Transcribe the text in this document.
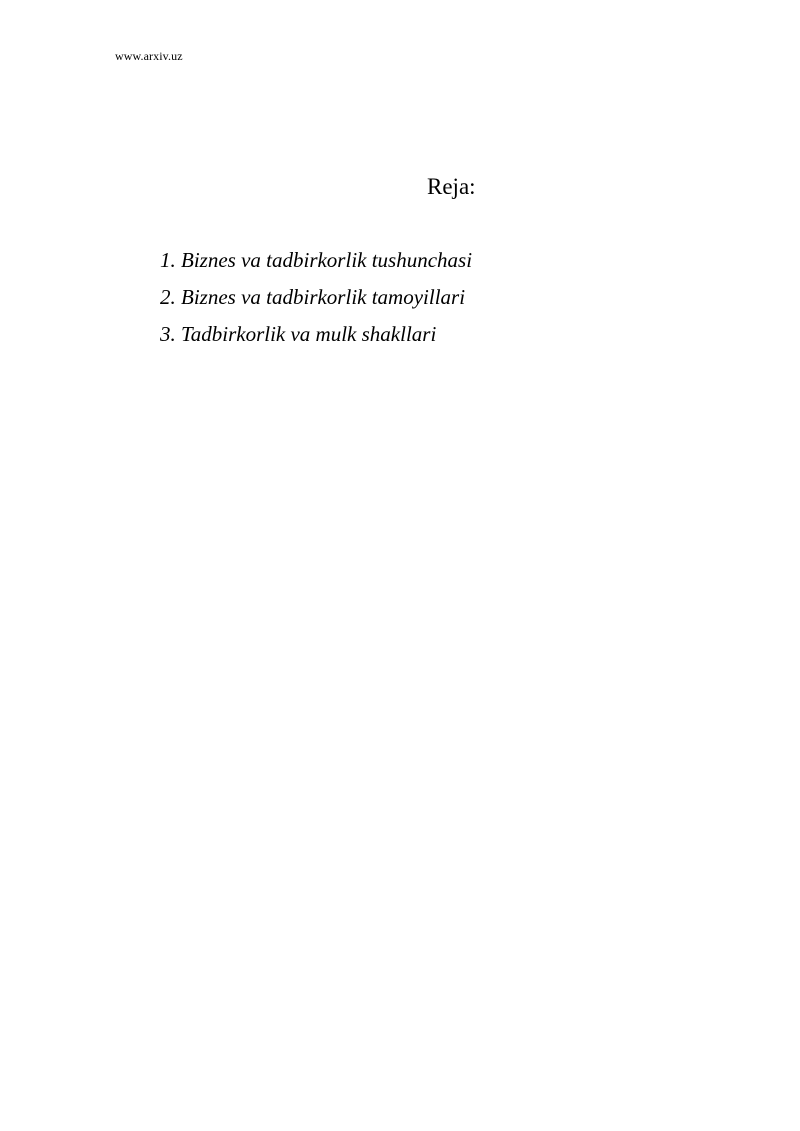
www.arxiv.uz
Reja:
1. Biznes va tadbirkorlik tushunchasi
2. Biznes va tadbirkorlik tamoyillari
3. Tadbirkorlik va mulk shakllari
